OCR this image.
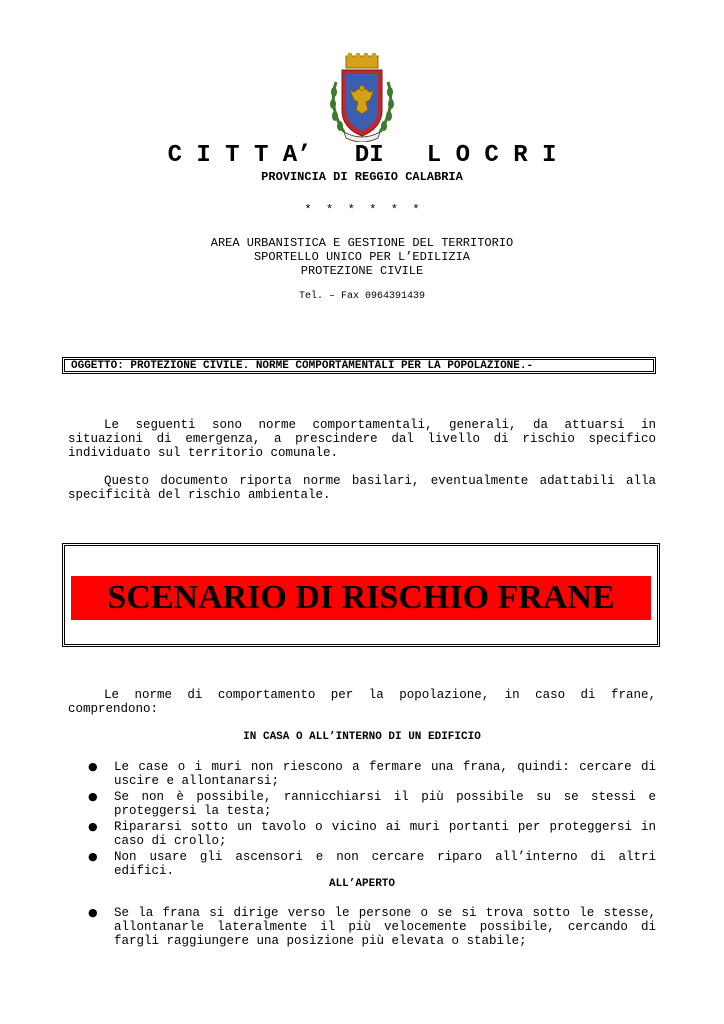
C I T T A’   DI   L O C R I
PROVINCIA DI REGGIO CALABRIA
*  *  *  *  *  *
AREA URBANISTICA E GESTIONE DEL TERRITORIO
SPORTELLO UNICO PER L’EDILIZIA
PROTEZIONE CIVILE
Tel. – Fax 0964391439
OGGETTO: PROTEZIONE CIVILE. NORME COMPORTAMENTALI PER LA POPOLAZIONE.-
Le seguenti sono norme comportamentali, generali, da attuarsi in situazioni di emergenza, a prescindere dal livello di rischio specifico individuato sul territorio comunale.
Questo documento riporta norme basilari, eventualmente adattabili alla specificità del rischio ambientale.
SCENARIO DI RISCHIO FRANE
Le norme di comportamento per la popolazione, in caso di frane, comprendono:
IN CASA O ALL’INTERNO DI UN EDIFICIO
● Le case o i muri non riescono a fermare una frana, quindi: cercare di uscire e allontanarsi;
● Se non è possibile, rannicchiarsi il più possibile su se stessi e proteggersi la testa;
● Ripararsi sotto un tavolo o vicino ai muri portanti per proteggersi in caso di crollo;
● Non usare gli ascensori e non cercare riparo all’interno di altri edifici.
ALL’APERTO
● Se la frana si dirige verso le persone o se si trova sotto le stesse, allontanarle lateralmente il più velocemente possibile, cercando di fargli raggiungere una posizione più elevata o stabile;
